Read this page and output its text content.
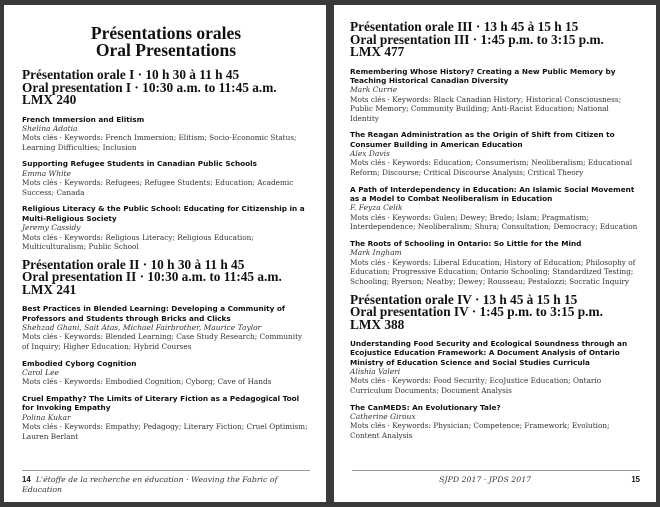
Présentations orales
Oral Presentations
Présentation orale I · 10 h 30 à 11 h 45
Oral presentation I · 10:30 a.m. to 11:45 a.m.
LMX 240
French Immersion and Elitism
Shelina Adatia
Mots clés · Keywords: French Immersion; Elitism; Socio-Economic Status; Learning Difficulties; Inclusion
Supporting Refugee Students in Canadian Public Schools
Emma White
Mots clés · Keywords: Refugees; Refugee Students; Education; Academic Success; Canada
Religious Literacy & the Public School: Educating for Citizenship in a Multi-Religious Society
Jeremy Cassidy
Mots clés · Keywords: Religious Literacy; Religious Education; Multiculturalism; Public School
Présentation orale II · 10 h 30 à 11 h 45
Oral presentation II · 10:30 a.m. to 11:45 a.m.
LMX 241
Best Practices in Blended Learning: Developing a Community of Professors and Students through Bricks and Clicks
Shehzad Ghani, Sait Atas, Michael Fairbrother, Maurice Taylor
Mots clés · Keywords: Blended Learning; Case Study Research; Community of Inquiry; Higher Education; Hybrid Courses
Embodied Cyborg Cognition
Carol Lee
Mots clés · Keywords: Embodied Cognition; Cyborg; Cave of Hands
Cruel Empathy? The Limits of Literary Fiction as a Pedagogical Tool for Invoking Empathy
Polina Kukar
Mots clés · Keywords: Empathy; Pedagogy; Literary Fiction; Cruel Optimism; Lauren Berlant
14 L'étoffe de la recherche en éducation · Weaving the Fabric of Education
Présentation orale III · 13 h 45 à 15 h 15
Oral presentation III · 1:45 p.m. to 3:15 p.m.
LMX 477
Remembering Whose History? Creating a New Public Memory by Teaching Historical Canadian Diversity
Mark Currie
Mots clés · Keywords: Black Canadian History; Historical Consciousness; Public Memory; Community Building; Anti-Racist Education; National Identity
The Reagan Administration as the Origin of Shift from Citizen to Consumer Building in American Education
Alex Davis
Mots clés · Keywords: Education; Consumerism; Neoliberalism; Educational Reform; Discourse; Critical Discourse Analysis; Critical Theory
A Path of Interdependency in Education: An Islamic Social Movement as a Model to Combat Neoliberalism in Education
F. Feyza Celik
Mots clés · Keywords: Gulen; Dewey; Bredo; Islam; Pragmatism; Interdependence; Neoliberalism; Shura; Consultation; Democracy; Education
The Roots of Schooling in Ontario: So Little for the Mind
Mark Ingham
Mots clés · Keywords: Liberal Education; History of Education; Philosophy of Education; Progressive Education; Ontario Schooling; Standardized Testing; Schooling; Ryerson; Neatby; Dewey; Rousseau; Pestalozzi; Socratic Inquiry
Présentation orale IV · 13 h 45 à 15 h 15
Oral presentation IV · 1:45 p.m. to 3:15 p.m.
LMX 388
Understanding Food Security and Ecological Soundness through an Ecojustice Education Framework: A Document Analysis of Ontario Ministry of Education Science and Social Studies Curricula
Alishia Valeri
Mots clés · Keywords: Food Security; EcoJustice Education; Ontario Curriculum Documents; Document Analysis
The CanMEDS: An Evolutionary Tale?
Catherine Giroux
Mots clés · Keywords: Physician; Competence; Framework; Evolution; Content Analysis
SJPD 2017 · JPDS 2017	15
